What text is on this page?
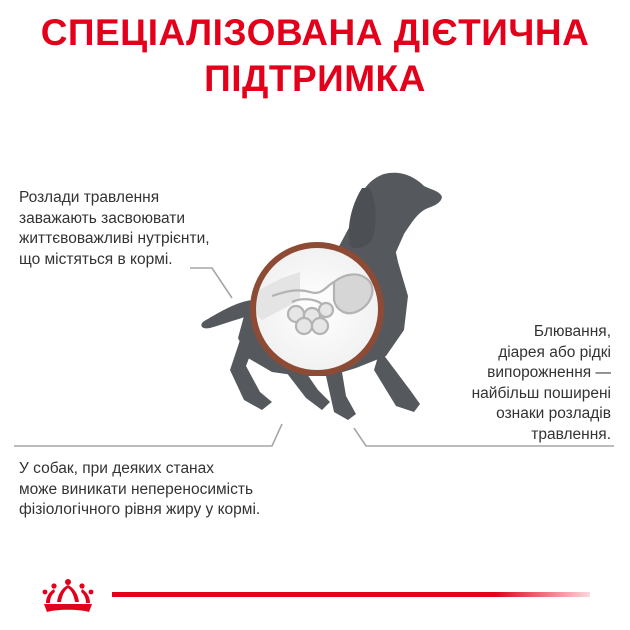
СПЕЦІАЛІЗОВАНА ДІЄТИЧНА
ПІДТРИМКА

Розлади травлення
заважають засвоювати
життєвоважливі нутрієнти,
що містяться в кормі.

Блювання,
діарея або рідкі
випорожнення —
найбільш поширені
ознаки розладів
травлення.

У собак, при деяких станах
може виникати непереносимість
фізіологічного рівня жиру у кормі.
